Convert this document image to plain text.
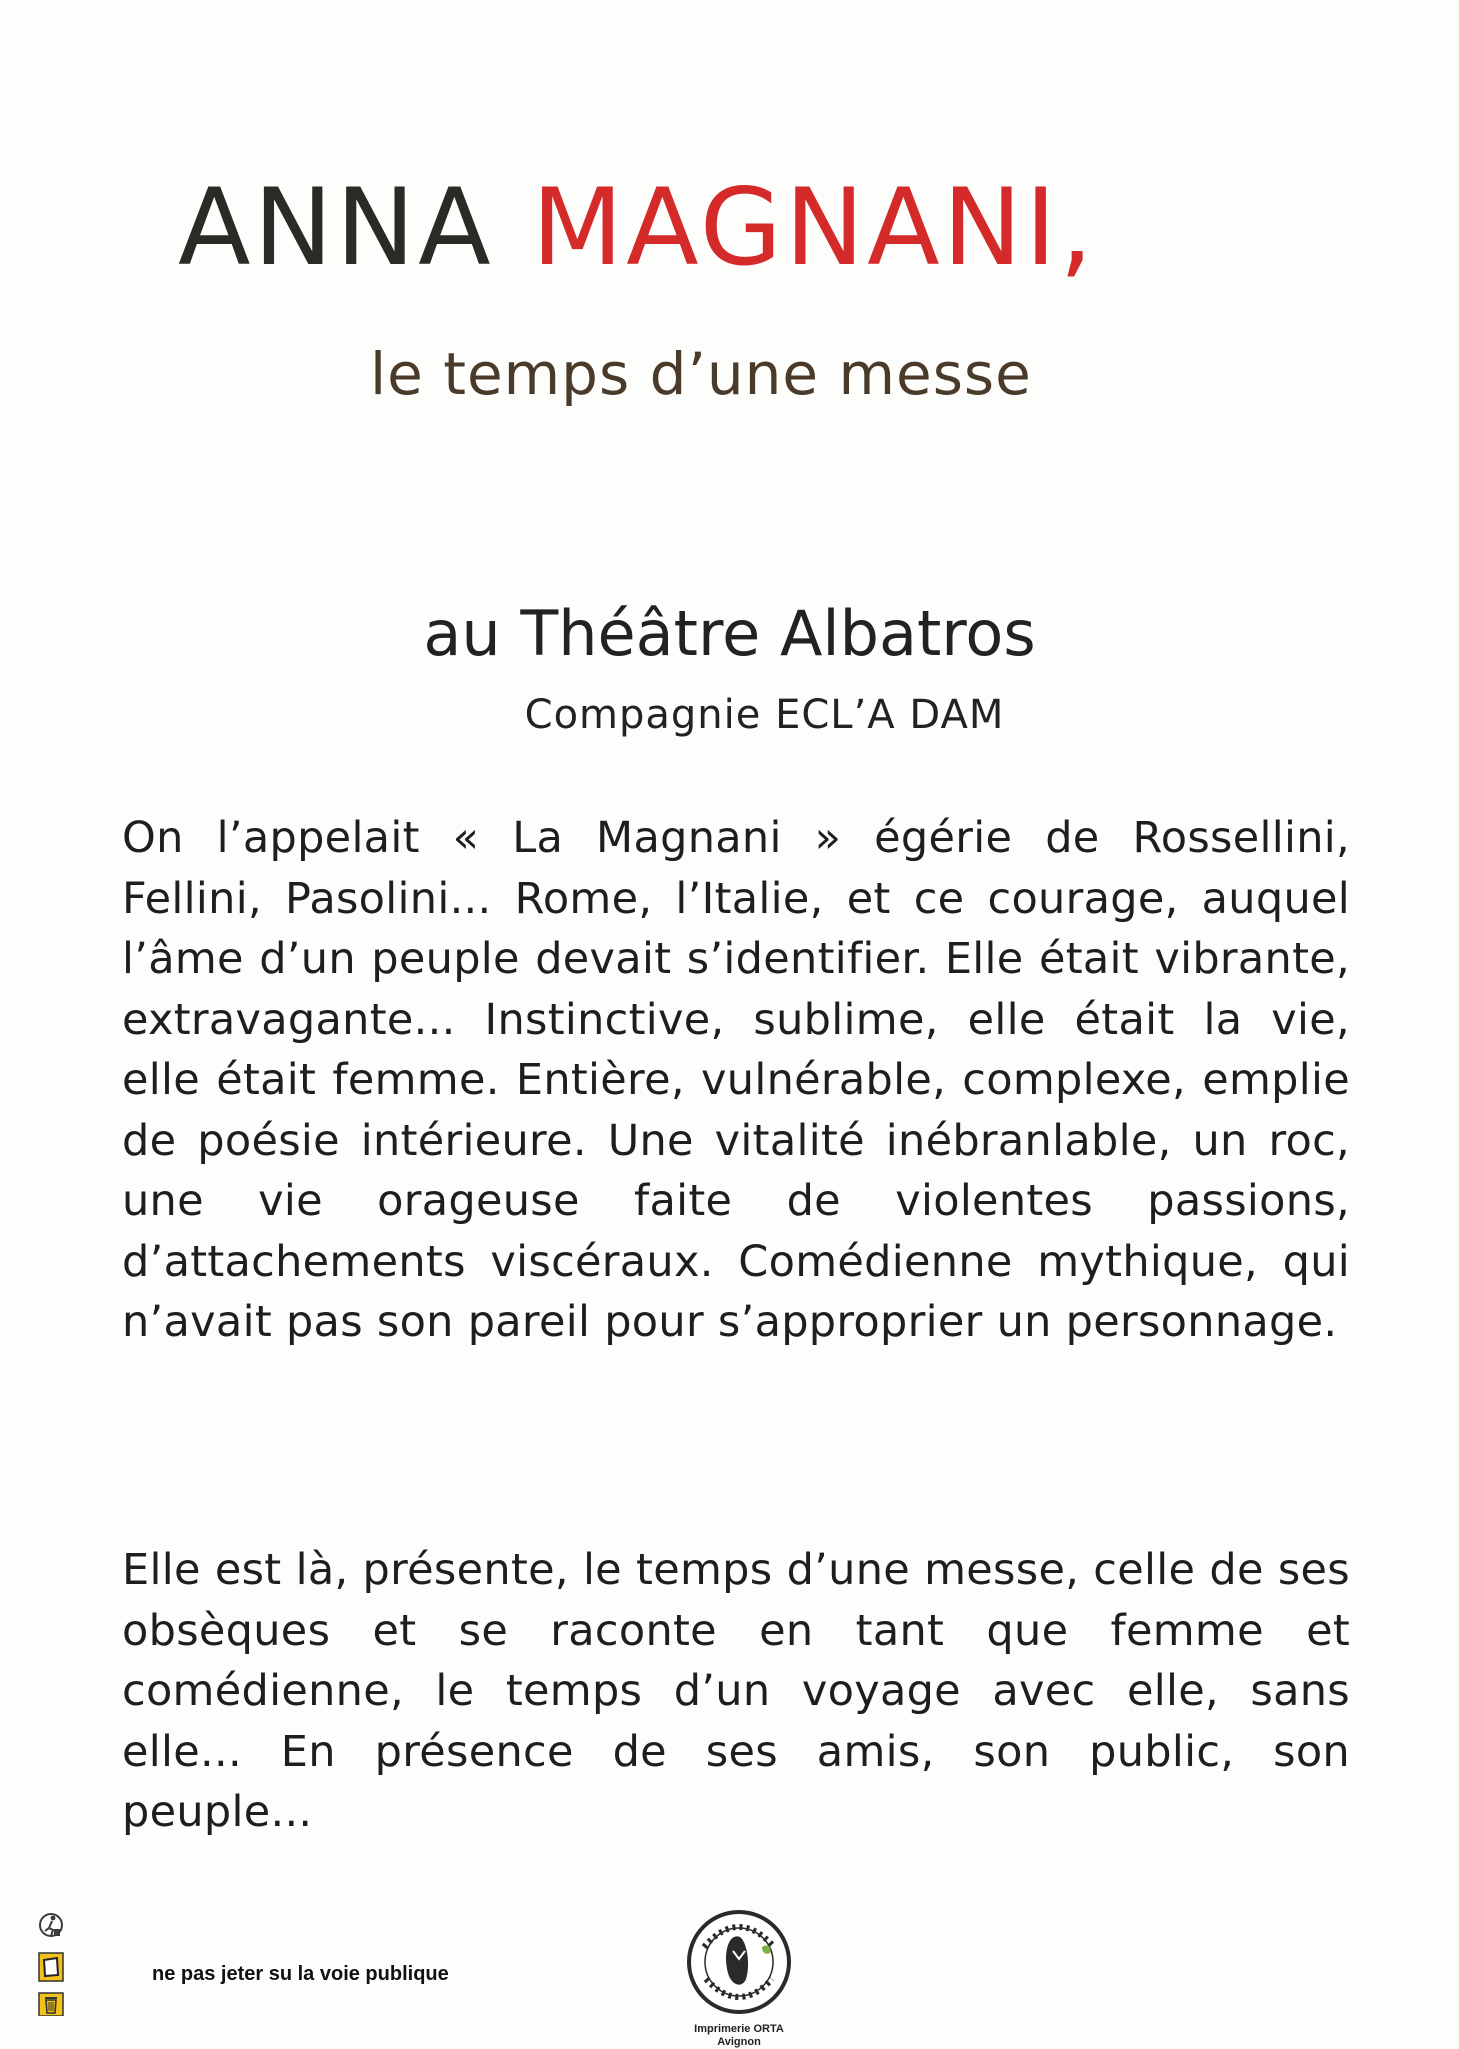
ANNA MAGNANI,

le temps d’une messe

au Théâtre Albatros

Compagnie ECL’A DAM

On l’appelait « La Magnani » égérie de Rossellini, Fellini, Pasolini... Rome, l’Italie, et ce courage, auquel l’âme d’un peuple devait s’identifier. Elle était vibrante, extravagante... Instinctive, sublime, elle était la vie, elle était femme. Entière, vulnérable, complexe, emplie de poésie intérieure. Une vitalité inébranlable, un roc, une vie orageuse faite de violentes passions, d’attachements viscéraux. Comédienne mythique, qui n’avait pas son pareil pour s’approprier un personnage.

Elle est là, présente, le temps d’une messe, celle de ses obsèques et se raconte en tant que femme et comédienne, le temps d’un voyage avec elle, sans elle... En présence de ses amis, son public, son peuple...

ne pas jeter su la voie publique

Imprimerie ORTA
Avignon
